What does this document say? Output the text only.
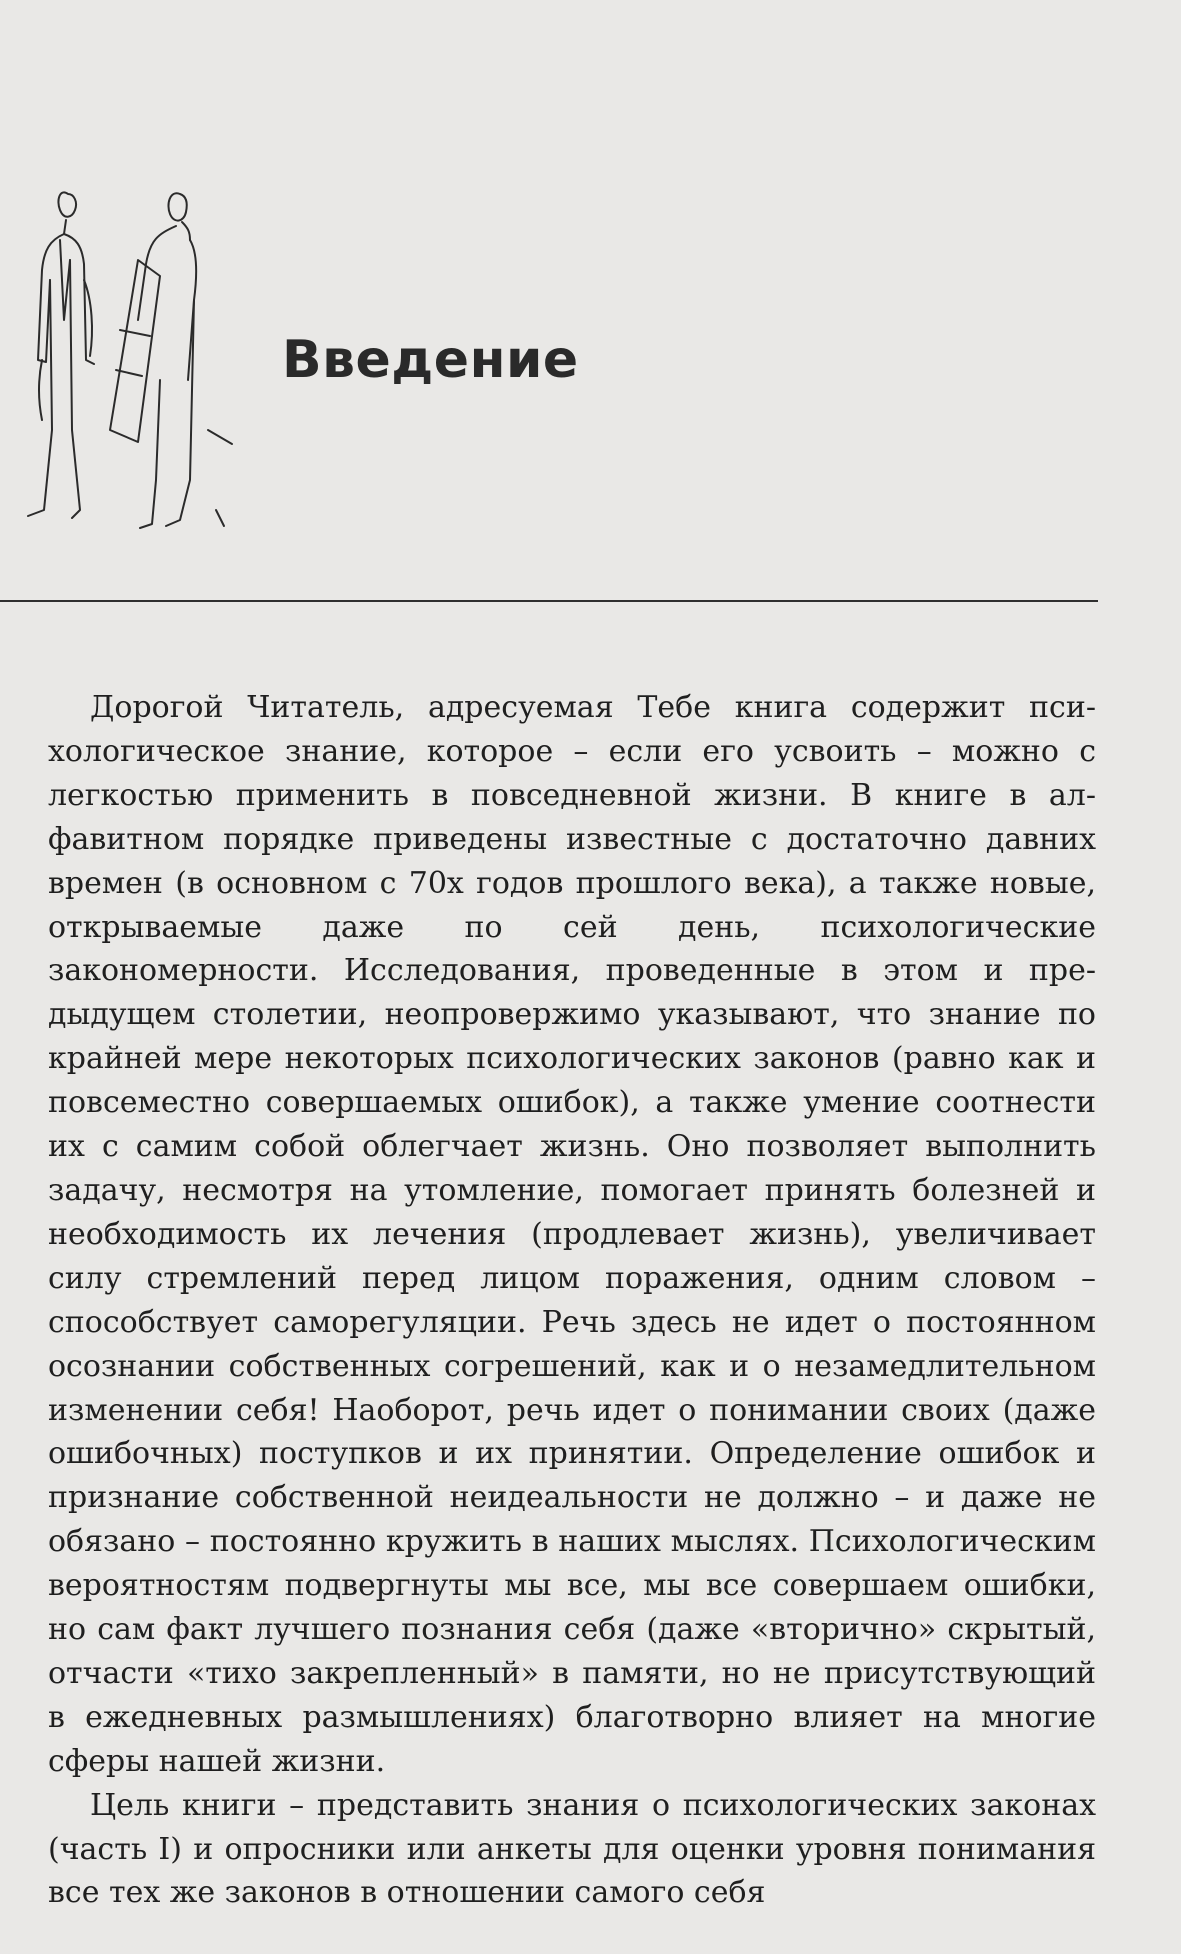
Введение

Дорогой Читатель, адресуемая Тебе книга содержит психологическое знание, которое – если его усвоить – можно с легкостью применить в повседневной жизни. В книге в алфавитном порядке приведены известные с достаточно давних времен (в основном с 70х годов прошлого века), а также новые, открываемые даже по сей день, психологические закономерности. Исследования, проведенные в этом и предыдущем столетии, неопровержимо указывают, что знание по крайней мере некоторых психологических законов (равно как и повсеместно совершаемых ошибок), а также умение соотнести их с самим собой облегчает жизнь. Оно позволяет выполнить задачу, несмотря на утомление, помогает принять болезней и необходимость их лечения (продлевает жизнь), увеличивает силу стремлений перед лицом поражения, одним словом – способствует саморегуляции. Речь здесь не идет о постоянном осознании собственных согрешений, как и о незамедлительном изменении себя! Наоборот, речь идет о понимании своих (даже ошибочных) поступков и их принятии. Определение ошибок и признание собственной неидеальности не должно – и даже не обязано – постоянно кружить в наших мыслях. Психологическим вероятностям подвергнуты мы все, мы все совершаем ошибки, но сам факт лучшего познания себя (даже «вторично» скрытый, отчасти «тихо закрепленный» в памяти, но не присутствующий в ежедневных размышлениях) благотворно влияет на многие сферы нашей жизни.

Цель книги – представить знания о психологических законах (часть I) и опросники или анкеты для оценки уровня понимания все тех же законов в отношении самого себя
